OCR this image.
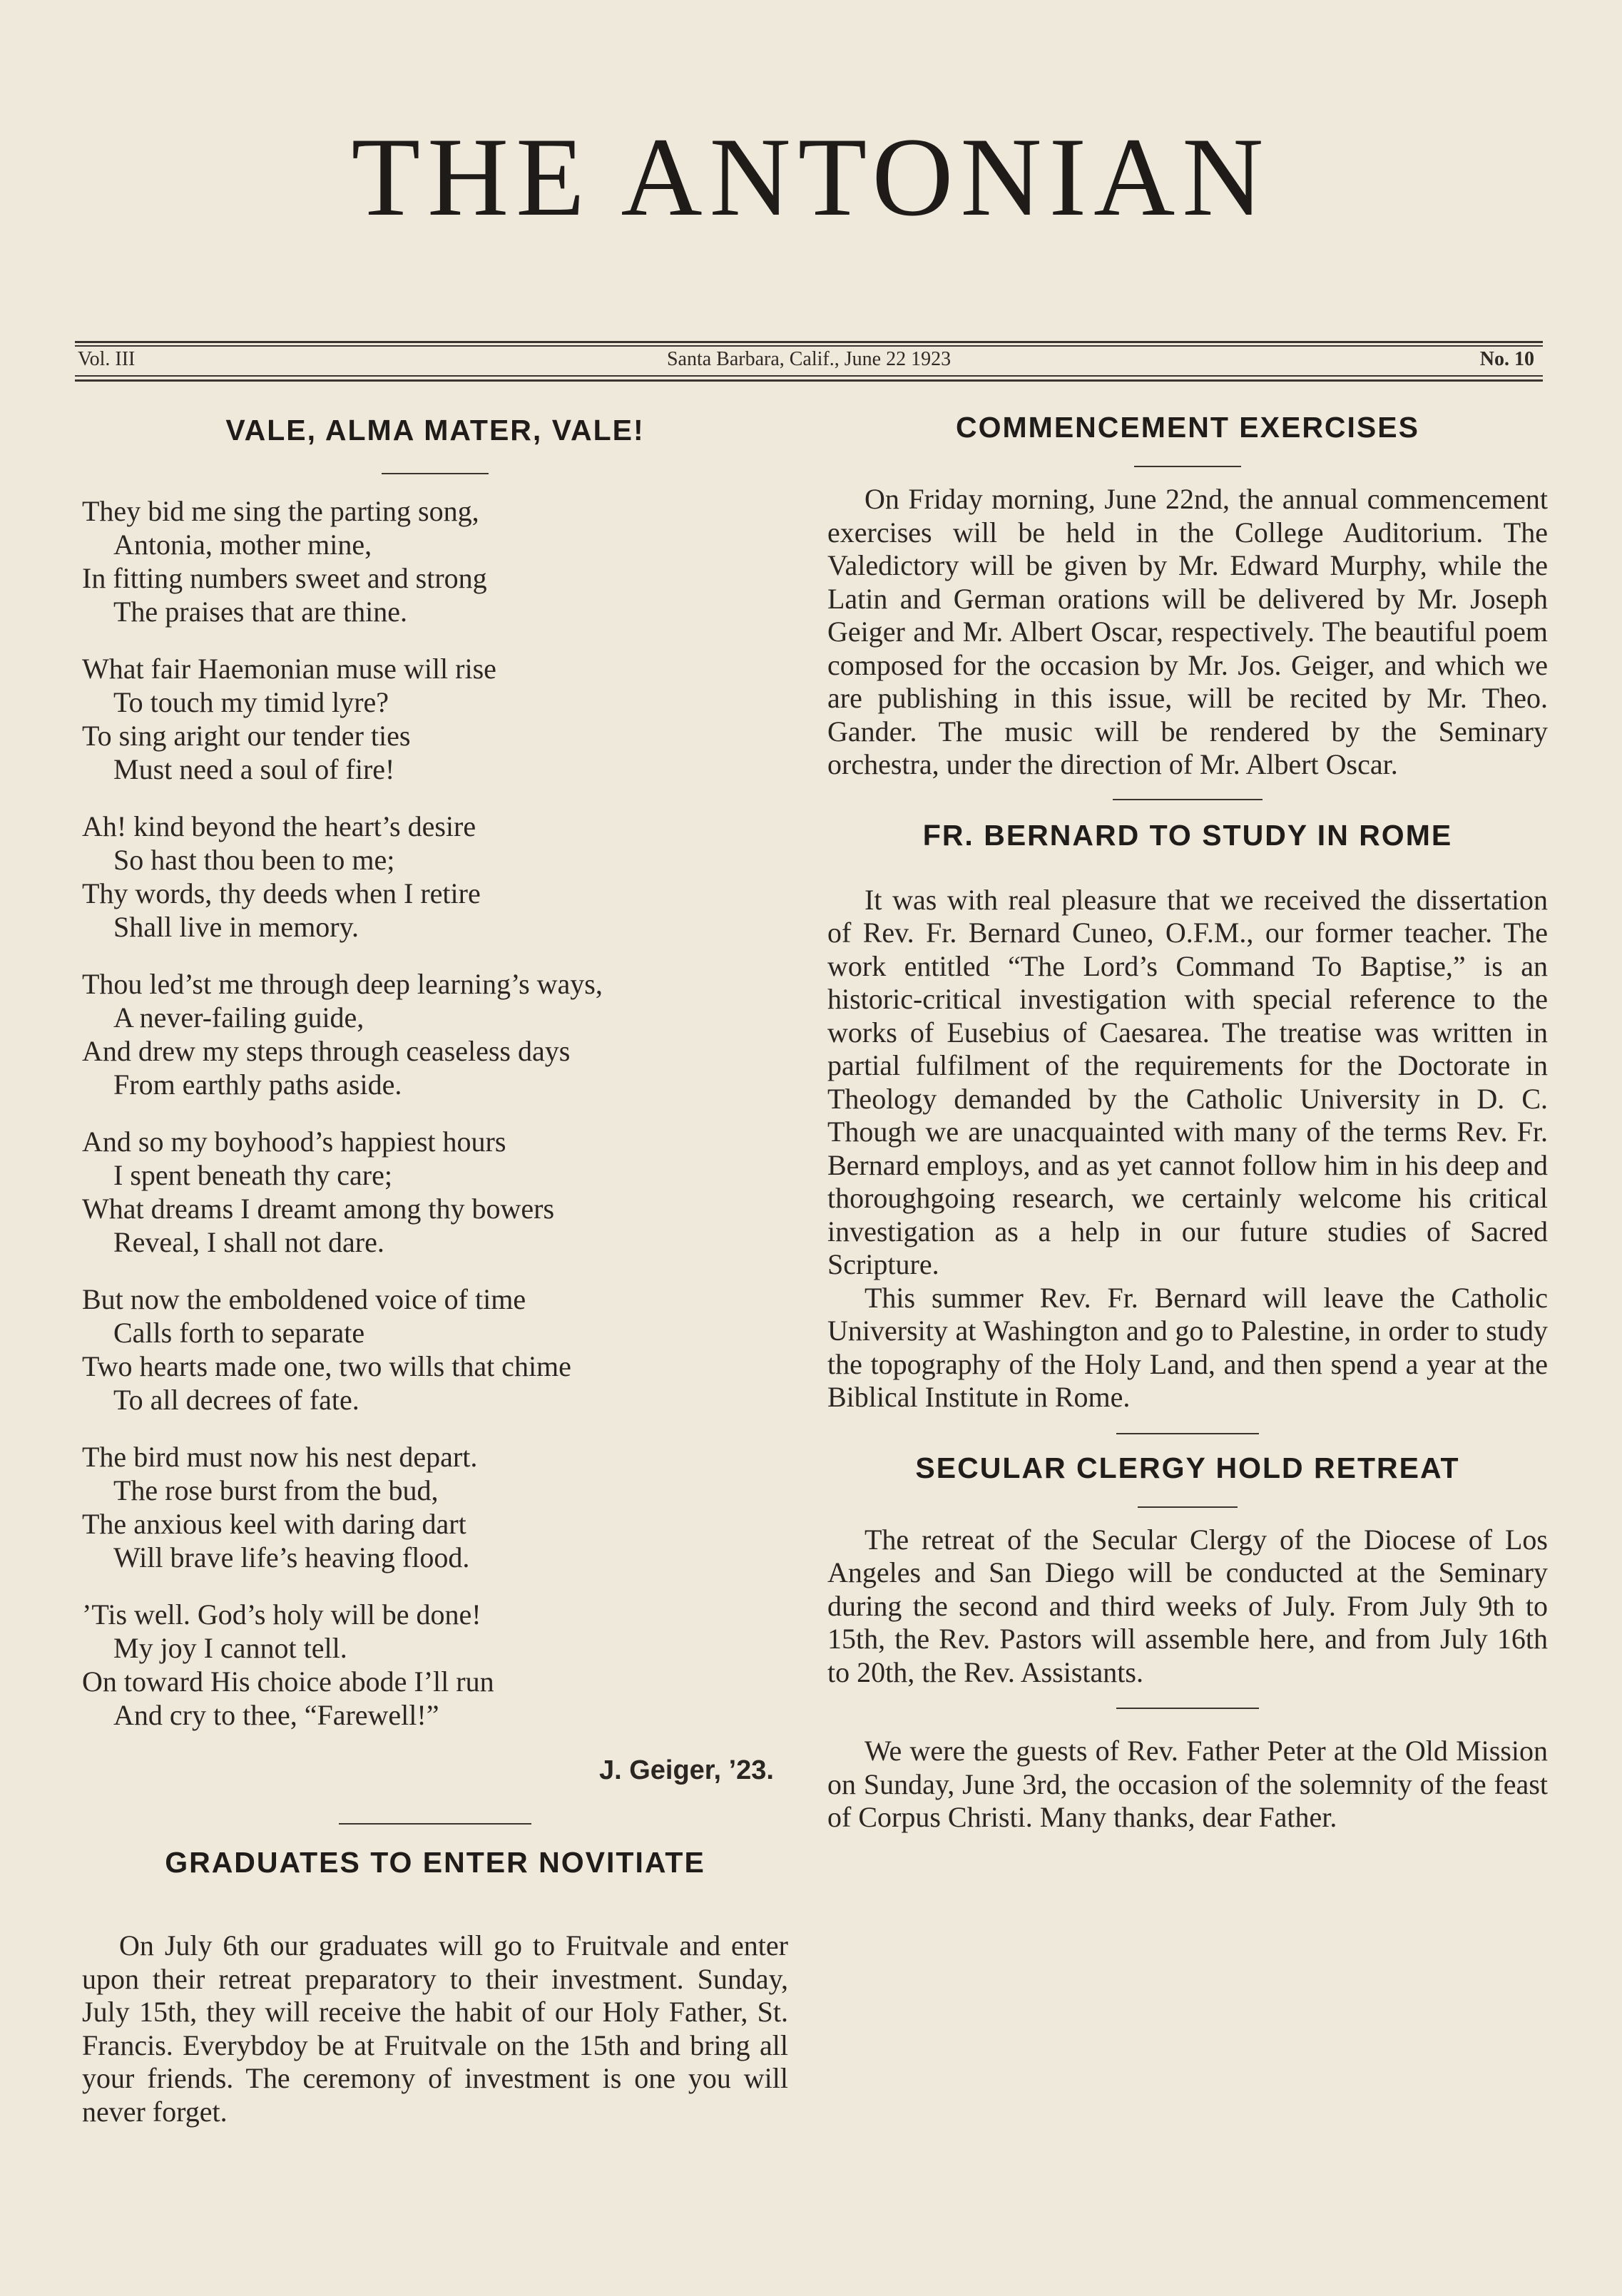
THE ANTONIAN
Vol. III	Santa Barbara, Calif., June 22 1923	No. 10
VALE, ALMA MATER, VALE!
They bid me sing the parting song,
Antonia, mother mine,
In fitting numbers sweet and strong
The praises that are thine.
What fair Haemonian muse will rise
To touch my timid lyre?
To sing aright our tender ties
Must need a soul of fire!
Ah! kind beyond the heart’s desire
So hast thou been to me;
Thy words, thy deeds when I retire
Shall live in memory.
Thou led’st me through deep learning’s ways,
A never-failing guide,
And drew my steps through ceaseless days
From earthly paths aside.
And so my boyhood’s happiest hours
I spent beneath thy care;
What dreams I dreamt among thy bowers
Reveal, I shall not dare.
But now the emboldened voice of time
Calls forth to separate
Two hearts made one, two wills that chime
To all decrees of fate.
The bird must now his nest depart.
The rose burst from the bud,
The anxious keel with daring dart
Will brave life’s heaving flood.
’Tis well. God’s holy will be done!
My joy I cannot tell.
On toward His choice abode I’ll run
And cry to thee, “Farewell!”
J. Geiger, ’23.
GRADUATES TO ENTER NOVITIATE

On July 6th our graduates will go to Fruitvale and enter upon their retreat preparatory to their investment. Sunday, July 15th, they will receive the habit of our Holy Father, St. Francis. Everybdoy be at Fruitvale on the 15th and bring all your friends. The ceremony of investment is one you will never forget.

COMMENCEMENT EXERCISES

On Friday morning, June 22nd, the annual commencement exercises will be held in the College Auditorium. The Valedictory will be given by Mr. Edward Murphy, while the Latin and German orations will be delivered by Mr. Joseph Geiger and Mr. Albert Oscar, respectively. The beautiful poem composed for the occasion by Mr. Jos. Geiger, and which we are publishing in this issue, will be recited by Mr. Theo. Gander. The music will be rendered by the Seminary orchestra, under the direction of Mr. Albert Oscar.

FR. BERNARD TO STUDY IN ROME

It was with real pleasure that we received the dissertation of Rev. Fr. Bernard Cuneo, O.F.M., our former teacher. The work entitled “The Lord’s Command To Baptise,” is an historic-critical investigation with special reference to the works of Eusebius of Caesarea. The treatise was written in partial fulfilment of the requirements for the Doctorate in Theology demanded by the Catholic University in D. C. Though we are unacquainted with many of the terms Rev. Fr. Bernard employs, and as yet cannot follow him in his deep and thoroughgoing research, we certainly welcome his critical investigation as a help in our future studies of Sacred Scripture.

This summer Rev. Fr. Bernard will leave the Catholic University at Washington and go to Palestine, in order to study the topography of the Holy Land, and then spend a year at the Biblical Institute in Rome.

SECULAR CLERGY HOLD RETREAT

The retreat of the Secular Clergy of the Diocese of Los Angeles and San Diego will be conducted at the Seminary during the second and third weeks of July. From July 9th to 15th, the Rev. Pastors will assemble here, and from July 16th to 20th, the Rev. Assistants.

We were the guests of Rev. Father Peter at the Old Mission on Sunday, June 3rd, the occasion of the solemnity of the feast of Corpus Christi. Many thanks, dear Father.
